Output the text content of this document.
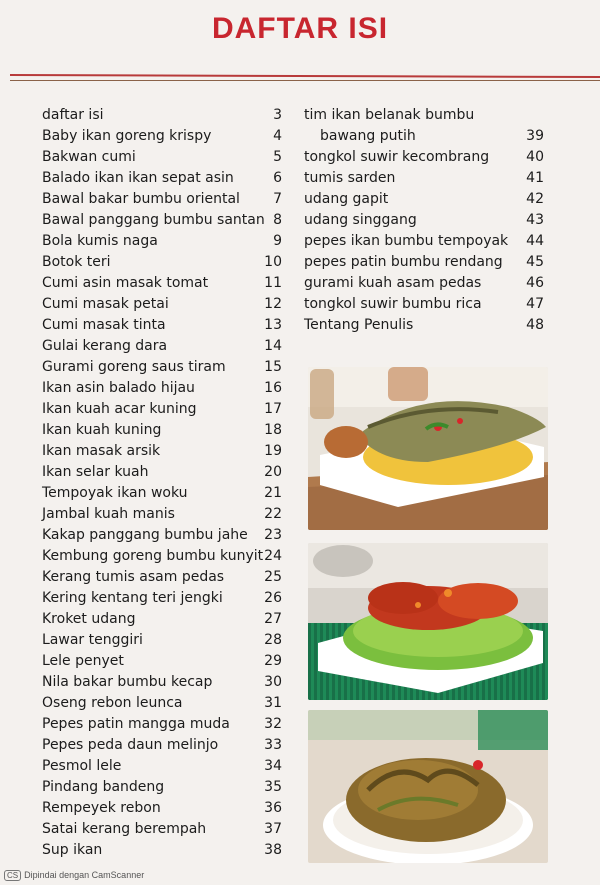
DAFTAR ISI
daftar isi	3
Baby ikan goreng krispy	4
Bakwan cumi	5
Balado ikan ikan sepat asin	6
Bawal bakar bumbu oriental 7
Bawal panggang bumbu santan 8
Bola kumis naga	9
Botok teri	10
Cumi asin masak tomat	11
Cumi masak petai	12
Cumi masak tinta	13
Gulai kerang dara	14
Gurami goreng saus tiram	15
Ikan asin balado hijau	16
Ikan kuah acar kuning	17
Ikan kuah kuning	18
Ikan masak arsik	19
Ikan selar kuah	20
Tempoyak ikan woku	21
Jambal kuah manis	22
Kakap panggang bumbu jahe 23
Kembung goreng bumbu kunyit 24
Kerang tumis asam pedas	25
Kering kentang teri jengki	26
Kroket udang	27
Lawar tenggiri	28
Lele penyet	29
Nila bakar bumbu kecap	30
Oseng rebon leunca	31
Pepes patin mangga muda 32
Pepes peda daun melinjo	33
Pesmol lele	34
Pindang bandeng	35
Rempeyek rebon	36
Satai kerang berempah	37
Sup ikan	38
tim ikan belanak bumbu
bawang putih	39
tongkol suwir kecombrang	40
tumis sarden	41
udang gapit	42
udang singgang	43
pepes ikan bumbu tempoyak 44
pepes patin bumbu rendang 45
gurami kuah asam pedas	46
tongkol suwir bumbu rica	47
Tentang Penulis	48
CS Dipindai dengan CamScanner
